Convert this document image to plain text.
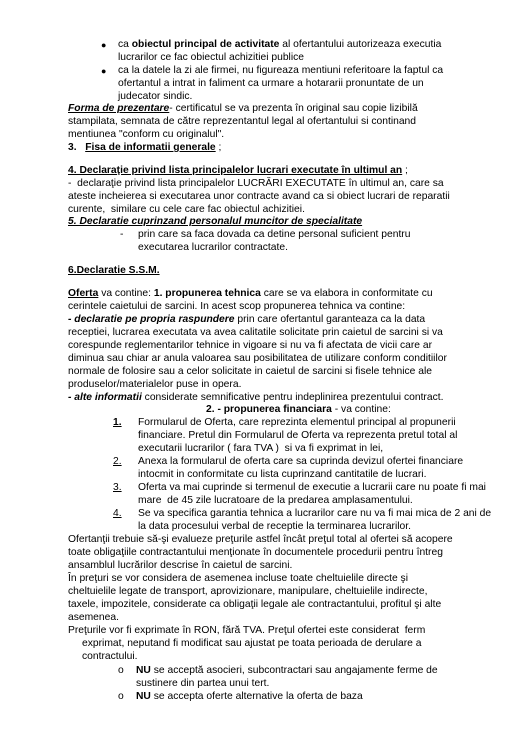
● ca obiectul principal de activitate al ofertantului autorizeaza executia
lucrarilor ce fac obiectul achizitiei publice
● ca la datele la zi ale firmei, nu figureaza mentiuni referitoare la faptul ca
ofertantul a intrat in faliment ca urmare a hotararii pronuntate de un
judecator sindic.
Forma de prezentare- certificatul se va prezenta în original sau copie lizibilă
stampilata, semnata de către reprezentantul legal al ofertantului si continand
mentiunea "conform cu originalul".
3. Fisa de informatii generale ;
4. Declaraţie privind lista principalelor lucrari executate în ultimul an ;
-  declaraţie privind lista principalelor LUCRĂRI EXECUTATE în ultimul an, care sa
ateste incheierea si executarea unor contracte avand ca si obiect lucrari de reparatii
curente,  similare cu cele care fac obiectul achizitiei.
5. Declaratie cuprinzand personalul muncitor de specialitate
- prin care sa faca dovada ca detine personal suficient pentru
executarea lucrarilor contractate.
6.Declaratie S.S.M.
Oferta va contine: 1. propunerea tehnica care se va elabora in conformitate cu
cerintele caietului de sarcini. In acest scop propunerea tehnica va contine:
- declaratie pe propria raspundere prin care ofertantul garanteaza ca la data
receptiei, lucrarea executata va avea calitatile solicitate prin caietul de sarcini si va
corespunde reglementarilor tehnice in vigoare si nu va fi afectata de vicii care ar
diminua sau chiar ar anula valoarea sau posibilitatea de utilizare conform conditiilor
normale de folosire sau a celor solicitate in caietul de sarcini si fisele tehnice ale
produselor/materialelor puse in opera.
- alte informatii considerate semnificative pentru indeplinirea prezentului contract.
2. - propunerea financiara - va contine:
1. Formularul de Oferta, care reprezinta elementul principal al propunerii
financiare. Pretul din Formularul de Oferta va reprezenta pretul total al
executarii lucrarilor ( fara TVA )  si va fi exprimat in lei,
2. Anexa la formularul de oferta care sa cuprinda devizul ofertei financiare
intocmit in conformitate cu lista cuprinzand cantitatile de lucrari.
3. Oferta va mai cuprinde si termenul de executie a lucrarii care nu poate fi mai
mare  de 45 zile lucratoare de la predarea amplasamentului.
4. Se va specifica garantia tehnica a lucrarilor care nu va fi mai mica de 2 ani de
la data procesului verbal de receptie la terminarea lucrarilor.
Ofertanţii trebuie să-şi evalueze preţurile astfel încât preţul total al ofertei să acopere
toate obligaţiile contractantului menţionate în documentele procedurii pentru întreg
ansamblul lucrărilor descrise în caietul de sarcini.
În preţuri se vor considera de asemenea incluse toate cheltuielile directe şi
cheltuielile legate de transport, aprovizionare, manipulare, cheltuielile indirecte,
taxele, impozitele, considerate ca obligaţii legale ale contractantului, profitul şi alte
asemenea.
Preţurile vor fi exprimate în RON, fără TVA. Preţul ofertei este considerat  ferm
exprimat, neputand fi modificat sau ajustat pe toata perioada de derulare a
contractului.
o NU se acceptă asocieri, subcontractari sau angajamente ferme de
sustinere din partea unui tert.
o NU se accepta oferte alternative la oferta de baza
